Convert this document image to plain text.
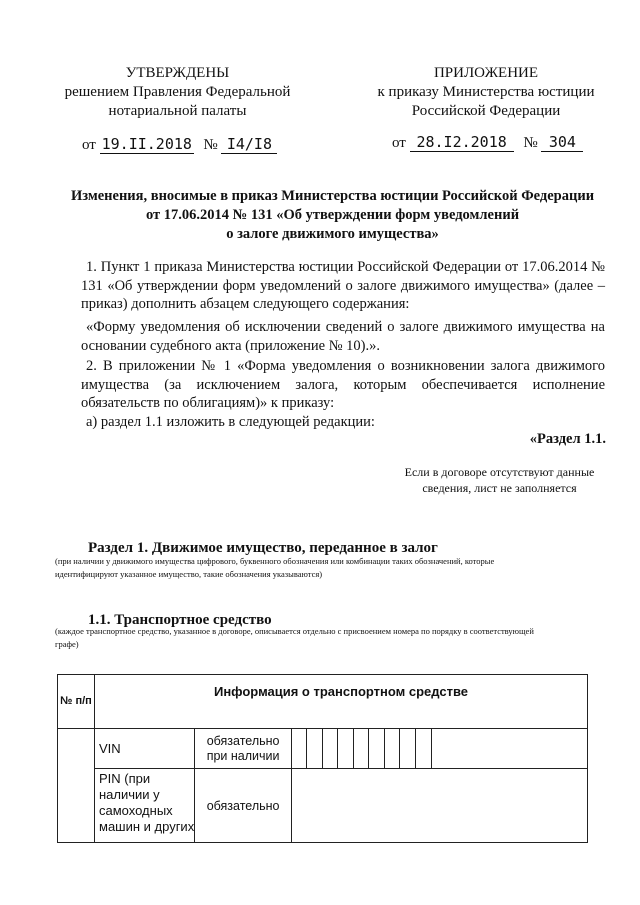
УТВЕРЖДЕНЫ
решением Правления Федеральной
нотариальной палаты
от 19.II.2018 № I4/I8
ПРИЛОЖЕНИЕ
к приказу Министерства юстиции
Российской Федерации
от 28.I2.2018 № 304
Изменения, вносимые в приказ Министерства юстиции Российской Федерации
от 17.06.2014 № 131 «Об утверждении форм уведомлений
о залоге движимого имущества»

1. Пункт 1 приказа Министерства юстиции Российской Федерации от 17.06.2014 № 131 «Об утверждении форм уведомлений о залоге движимого имущества» (далее – приказ) дополнить абзацем следующего содержания:

«Форму уведомления об исключении сведений о залоге движимого имущества на основании судебного акта (приложение № 10).».

2. В приложении № 1 «Форма уведомления о возникновении залога движимого имущества (за исключением залога, которым обеспечивается исполнение обязательств по облигациям)» к приказу:

а) раздел 1.1 изложить в следующей редакции:

«Раздел 1.1.
Если в договоре отсутствуют данные
сведения, лист не заполняется
Раздел 1. Движимое имущество, переданное в залог
(при наличии у движимого имущества цифрового, буквенного обозначения или комбинации таких обозначений, которые
идентифицируют указанное имущество, такие обозначения указываются)
1.1. Транспортное средство
(каждое транспортное средство, указанное в договоре, описывается отдельно с присвоением номера по порядку в соответствующей
графе)
№ п/п	Информация о транспортном средстве											
	VIN	обязательно при наличии										
	PIN (при наличии у самоходных машин и других	обязательно										
